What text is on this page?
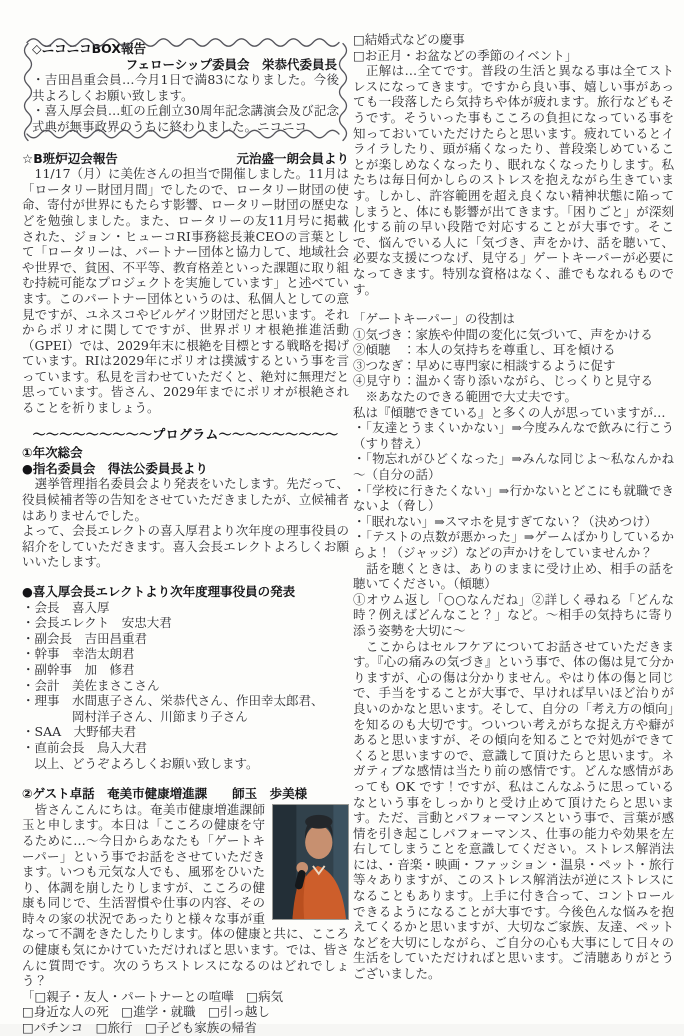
◇ニコニコBOX報告

フェローシップ委員会　栄恭代委員長

・吉田昌重会員…今月1日で満83になりました。今後共よろしくお願い致します。

・喜入厚会員…虹の丘創立30周年記念講演会及び記念式典が無事政界のうちに終わりました。ニコニコ

☆B班炉辺会報告	元治盛一朗会員より

　11/17（月）に美佐さんの担当で開催しました。11月は「ロータリー財団月間」でしたので、ロータリー財団の使命、寄付が世界にもたらす影響、ロータリー財団の歴史などを勉強しました。また、ロータリーの友11月号に掲載された、ジョン・ヒューコRI事務総長兼CEOの言葉として「ロータリーは、パートナー団体と協力して、地域社会や世界で、貧困、不平等、教育格差といった課題に取り組む持続可能なプロジェクトを実施しています」と述べています。このパートナー団体というのは、私個人としての意見ですが、ユネスコやビルゲイツ財団だと思います。それからポリオに関してですが、世界ポリオ根絶推進活動（GPEI）では、2029年末に根絶を目標とする戦略を掲げています。RIは2029年にポリオは撲滅するという事を言っています。私見を言わせていただくと、絶対に無理だと思っています。皆さん、2029年までにポリオが根絶されることを祈りましょう。

～～～～～～～～～プログラム～～～～～～～～～

①年次総会

●指名委員会　得法公委員長より

　選挙管理指名委員会より発表をいたします。先だって、役員候補者等の告知をさせていただきましたが、立候補者はありませんでした。

よって、会長エレクトの喜入厚君より次年度の理事役員の紹介をしていただきます。喜入会長エレクトよろしくお願いいたします。

●喜入厚会長エレクトより次年度理事役員の発表

・会長　喜入厚

・会長エレクト　安忠大君

・副会長　吉田昌重君

・幹事　幸浩太朗君

・副幹事　加　修君

・会計　美佐まさこさん

・理事　水間恵子さん、栄恭代さん、作田幸太郎君、

　　　　岡村洋子さん、川節まり子さん

・SAA　大野郁夫君

・直前会長　鳥入大君

　以上、どうぞよろしくお願い致します。

②ゲスト卓話　奄美市健康増進課　　師玉　歩美様

　皆さんこんにちは。奄美市健康増進課師玉と申します。本日は「こころの健康を守るために…～今日からあなたも「ゲートキーパー」という事でお話をさせていただきます。いつも元気な人でも、風邪をひいたり、体調を崩したりしますが、こころの健康も同じで、生活習慣や仕事の内容、その時々の家の状況であったりと様々な事が重なって不調をきたしたりします。体の健康と共に、こころの健康も気にかけていただければと思います。では、皆さんに質問です。次のうちストレスになるのはどれでしょう？

「□親子・友人・パートナーとの喧嘩　□病気

□身近な人の死　□進学・就職　□引っ越し

□パチンコ　□旅行　□子ども家族の帰省

□結婚式などの慶事

□お正月・お盆などの季節のイベント」

　正解は…全てです。普段の生活と異なる事は全てストレスになってきます。ですから良い事、嬉しい事があっても一段落したら気持ちや体が疲れます。旅行などもそうです。そういった事もこころの負担になっている事を知っておいていただけたらと思います。疲れているとイライラしたり、頭が痛くなったり、普段楽しめていることが楽しめなくなったり、眠れなくなったりします。私たちは毎日何かしらのストレスを抱えながら生きています。しかし、許容範囲を超え良くない精神状態に陥ってしまうと、体にも影響が出てきます。「困りごと」が深刻化する前の早い段階で対応することが大事です。そこで、悩んでいる人に「気づき、声をかけ、話を聴いて、必要な支援につなげ、見守る」ゲートキーパーが必要になってきます。特別な資格はなく、誰でもなれるものです。

「ゲートキーパー」の役割は

①気づき：家族や仲間の変化に気づいて、声をかける

②傾聴　：本人の気持ちを尊重し、耳を傾ける

③つなぎ：早めに専門家に相談するように促す

④見守り：温かく寄り添いながら、じっくりと見守る

　※あなたのできる範囲で大丈夫です。

私は『傾聴できている』と多くの人が思っていますが…

・「友達とうまくいかない」⇒今度みんなで飲みに行こう（すり替え）

・「物忘れがひどくなった」⇒みんな同じよ～私なんかね～（自分の話）

・「学校に行きたくない」⇒行かないとどこにも就職できないよ（脅し）

・「眠れない」⇒スマホを見すぎてない？（決めつけ）

・「テストの点数が悪かった」⇒ゲームばかりしているからよ！（ジャッジ）などの声かけをしていませんか？

　話を聴くときは、ありのままに受け止め、相手の話を聴いてください。（傾聴）

①オウム返し「○○なんだね」②詳しく尋ねる「どんな時？例えばどんなこと？」など。～相手の気持ちに寄り添う姿勢を大切に～

　ここからはセルフケアについてお話させていただきます。『心の痛みの気づき』という事で、体の傷は見て分かりますが、心の傷は分かりません。やはり体の傷と同じで、手当をすることが大事で、早ければ早いほど治りが良いのかなと思います。そして、自分の「考え方の傾向」を知るのも大切です。ついつい考えがちな捉え方や癖があると思いますが、その傾向を知ることで対処ができてくると思いますので、意識して頂けたらと思います。ネガティブな感情は当たり前の感情です。どんな感情があっても OK です！ですが、私はこんなふうに思っているなという事をしっかりと受け止めて頂けたらと思います。ただ、言動とパフォーマンスという事で、言葉が感情を引き起こしパフォーマンス、仕事の能力や効果を左右してしまうことを意識してください。ストレス解消法には、・音楽・映画・ファッション・温泉・ペット・旅行等々ありますが、このストレス解消法が逆にストレスになることもあります。上手に付き合って、コントロールできるようになることが大事です。今後色んな悩みを抱えてくるかと思いますが、大切なご家族、友達、ペットなどを大切にしながら、ご自分の心も大事にして日々の生活をしていただければと思います。ご清聴ありがとうございました。
